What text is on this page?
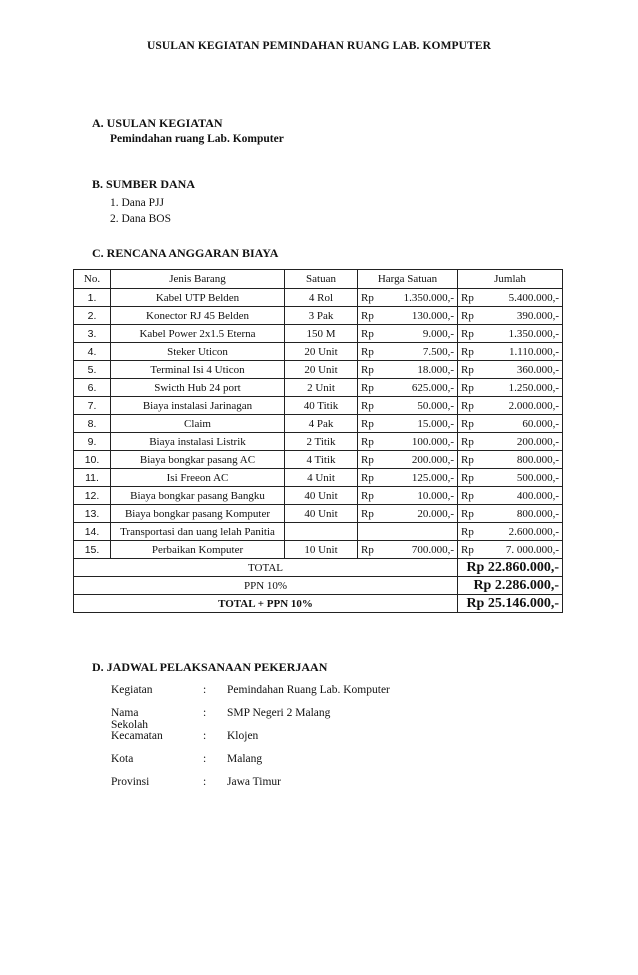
USULAN KEGIATAN PEMINDAHAN RUANG LAB. KOMPUTER
A. USULAN KEGIATAN
Pemindahan ruang Lab. Komputer
B. SUMBER DANA
1. Dana PJJ
2. Dana BOS
C. RENCANA ANGGARAN BIAYA
No.	Jenis Barang	Satuan	Harga Satuan		Jumlah	
1.	Kabel UTP Belden	4 Rol	Rp	1.350.000,-	Rp	5.400.000,-
2.	Konector RJ 45 Belden	3 Pak	Rp	130.000,-	Rp	390.000,-
3.	Kabel Power 2x1.5 Eterna	150 M	Rp	9.000,-	Rp	1.350.000,-
4.	Steker Uticon	20 Unit	Rp	7.500,-	Rp	1.110.000,-
5.	Terminal Isi 4 Uticon	20 Unit	Rp	18.000,-	Rp	360.000,-
6.	Swicth Hub 24 port	2 Unit	Rp	625.000,-	Rp	1.250.000,-
7.	Biaya instalasi Jarinagan	40 Titik	Rp	50.000,-	Rp	2.000.000,-
8.	Claim	4 Pak	Rp	15.000,-	Rp	60.000,-
9.	Biaya instalasi Listrik	2 Titik	Rp	100.000,-	Rp	200.000,-
10.	Biaya bongkar pasang AC	4 Titik	Rp	200.000,-	Rp	800.000,-
11.	Isi Freeon AC	4 Unit	Rp	125.000,-	Rp	500.000,-
12.	Biaya bongkar pasang Bangku	40 Unit	Rp	10.000,-	Rp	400.000,-
13.	Biaya bongkar pasang Komputer	40 Unit	Rp	20.000,-	Rp	800.000,-
14.	Transportasi dan uang lelah Panitia				Rp	2.600.000,-
15.	Perbaikan Komputer	10 Unit	Rp	700.000,-	Rp	7. 000.000,-
TOTAL					Rp 22.860.000,-	
PPN 10%					Rp 2.286.000,-	
TOTAL + PPN 10%					Rp 25.146.000,-	
D. JADWAL PELAKSANAAN PEKERJAAN
Kegiatan	: Pemindahan Ruang Lab. Komputer
Nama Sekolah
: SMP Negeri 2 Malang
Kecamatan	: Klojen
Kota	: Malang
Provinsi	: Jawa Timur
